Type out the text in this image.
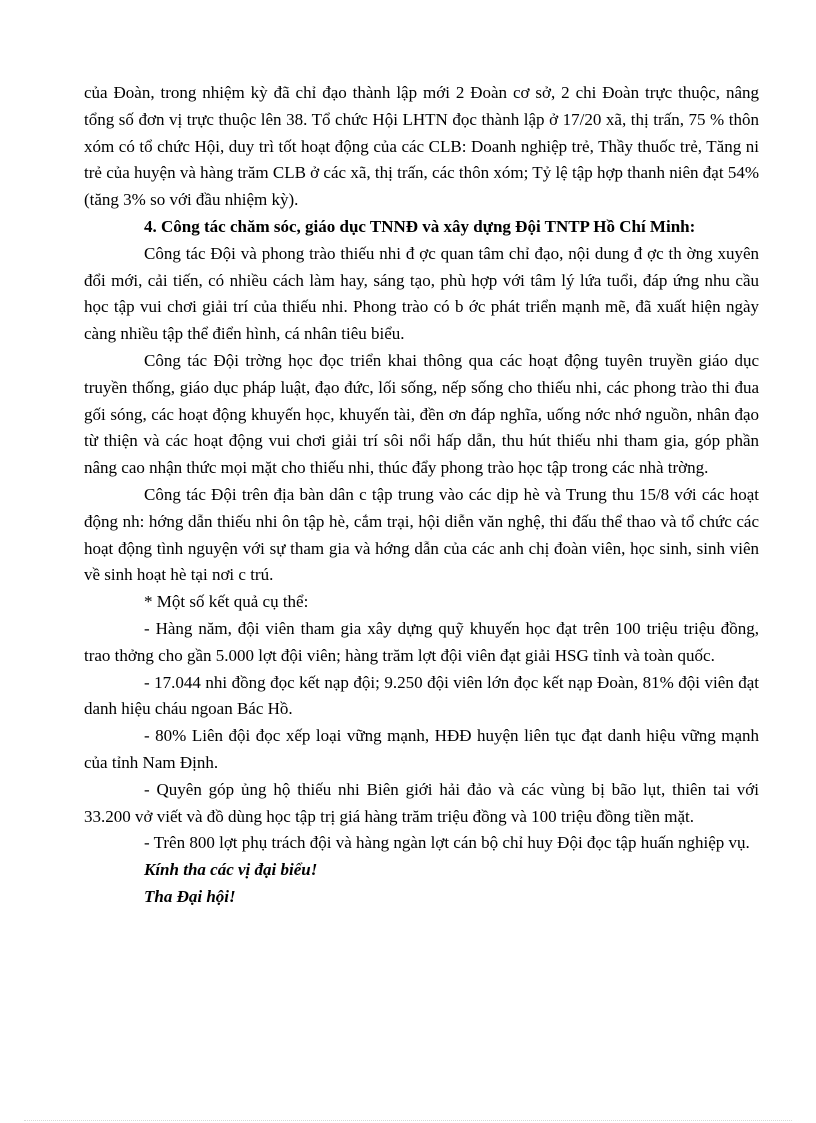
của Đoàn, trong nhiệm kỳ đã chỉ đạo thành lập mới 2 Đoàn cơ sở, 2 chi Đoàn trực thuộc, nâng tổng số đơn vị trực thuộc lên 38. Tổ chức Hội LHTN đọc thành lập ở 17/20 xã, thị trấn, 75 % thôn xóm có tổ chức Hội, duy trì tốt hoạt động của các CLB: Doanh nghiệp trẻ, Thầy thuốc trẻ, Tăng ni trẻ của huyện và hàng trăm CLB ở các xã, thị trấn, các thôn xóm; Tỷ lệ tập hợp thanh niên đạt 54% (tăng 3% so với đầu nhiệm kỳ).

4. Công tác chăm sóc, giáo dục TNNĐ và xây dựng Đội TNTP Hồ Chí Minh:

Công tác Đội và phong trào thiếu nhi đ ợc quan tâm chỉ đạo, nội dung đ ợc th ờng xuyên đổi mới, cải tiến, có nhiều cách làm hay, sáng tạo, phù hợp với tâm lý lứa tuổi, đáp ứng nhu cầu học tập vui chơi giải trí của thiếu nhi. Phong trào có b ớc phát triển mạnh mẽ, đã xuất hiện ngày càng nhiều tập thể điển hình, cá nhân tiêu biểu.

Công tác Đội trờng học đọc triển khai thông qua các hoạt động tuyên truyền giáo dục truyền thống, giáo dục pháp luật, đạo đức, lối sống, nếp sống cho thiếu nhi, các phong trào thi đua gối sóng, các hoạt động khuyến học, khuyến tài, đền ơn đáp nghĩa, uống nớc nhớ nguồn, nhân đạo từ thiện và các hoạt động vui chơi giải trí sôi nổi hấp dẫn, thu hút thiếu nhi tham gia, góp phần nâng cao nhận thức mọi mặt cho thiếu nhi, thúc đẩy phong trào học tập trong các nhà trờng.

Công tác Đội trên địa bàn dân c tập trung vào các dịp hè và Trung thu 15/8 với các hoạt động nh: hớng dẫn thiếu nhi ôn tập hè, cắm trại, hội diễn văn nghệ, thi đấu thể thao và tổ chức các hoạt động tình nguyện với sự tham gia và hớng dẫn của các anh chị đoàn viên, học sinh, sinh viên về sinh hoạt hè tại nơi c trú.

* Một số kết quả cụ thể:

- Hàng năm, đội viên tham gia xây dựng quỹ khuyến học đạt trên 100 triệu triệu đồng, trao thởng cho gần 5.000 lợt đội viên; hàng trăm lợt đội viên đạt giải HSG tỉnh và toàn quốc.

- 17.044 nhi đồng đọc kết nạp đội; 9.250 đội viên lớn đọc kết nạp Đoàn, 81% đội viên đạt danh hiệu cháu ngoan Bác Hồ.

- 80% Liên đội đọc xếp loại vững mạnh, HĐĐ huyện liên tục đạt danh hiệu vững mạnh của tỉnh Nam Định.

- Quyên góp ủng hộ thiếu nhi Biên giới hải đảo và các vùng bị bão lụt, thiên tai với 33.200 vở viết và đồ dùng học tập trị giá hàng trăm triệu đồng và 100 triệu đồng tiền mặt.

- Trên 800 lợt phụ trách đội và hàng ngàn lợt cán bộ chỉ huy Đội đọc tập huấn nghiệp vụ.

Kính tha các vị đại biểu!

Tha Đại hội!
